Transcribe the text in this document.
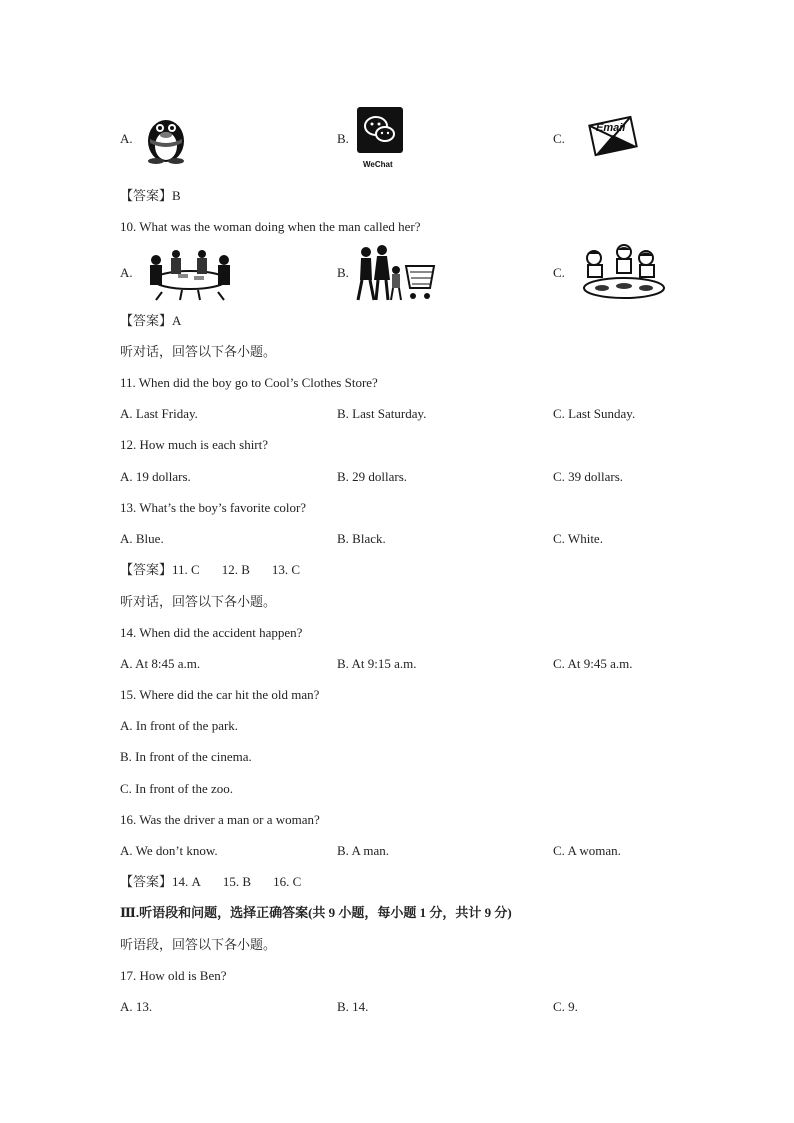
A.	B.
WeChat
C.
Email
【答案】B
10. What was the woman doing when the man called her?
A.	B.	C.
【答案】A
听对话，回答以下各小题。
11. When did the boy go to Cool’s Clothes Store?
A. Last Friday.	B. Last Saturday.	C. Last Sunday.
12. How much is each shirt?
A. 19 dollars.	B. 29 dollars.	C. 39 dollars.
13. What’s the boy’s favorite color?
A. Blue.	B. Black.	C. White.
【答案】11. C 12. B 13. C
听对话，回答以下各小题。
14. When did the accident happen?
A. At 8:45 a.m.	B. At 9:15 a.m.	C. At 9:45 a.m.
15. Where did the car hit the old man?
A. In front of the park.
B. In front of the cinema.
C. In front of the zoo.
16. Was the driver a man or a woman?
A. We don’t know.	B. A man.	C. A woman.
【答案】14. A 15. B 16. C
Ⅲ.听语段和问题，选择正确答案(共 9 小题，每小题 1 分，共计 9 分)
听语段，回答以下各小题。
17. How old is Ben?
A. 13.	B. 14.	C. 9.
